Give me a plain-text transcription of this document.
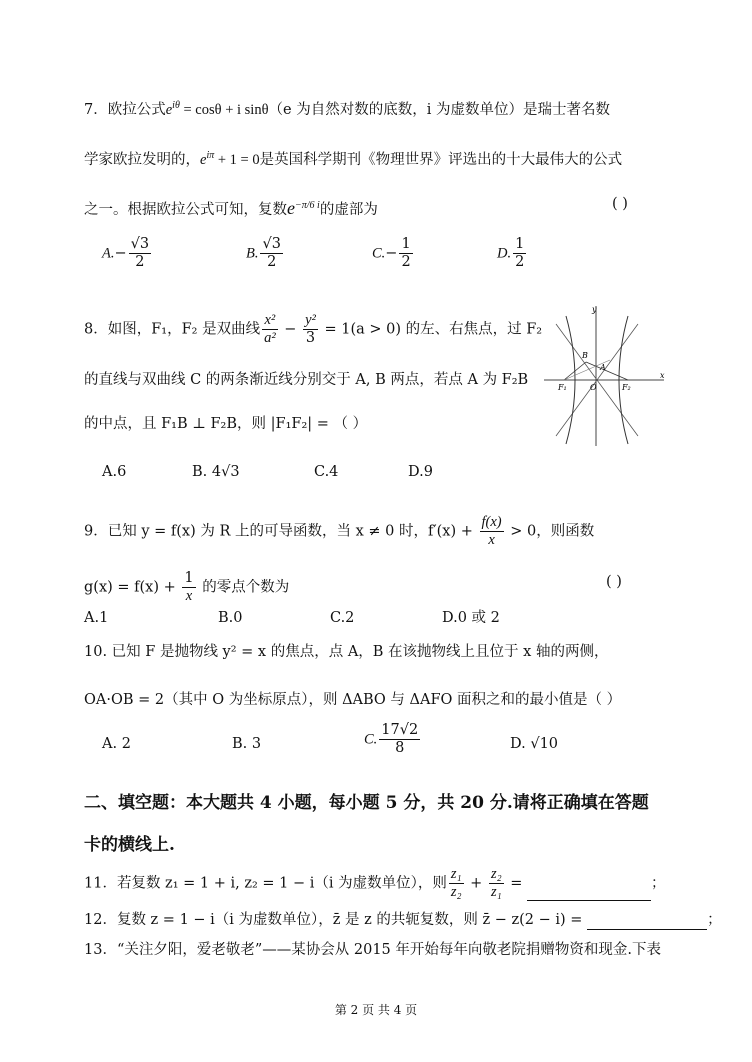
7．欧拉公式$e^{i\theta} = \cos\theta + i$ sinθ（e 为自然对数的底数，i 为虚数单位）是瑞士著名数
学家欧拉发明的，$e^{i\pi} + 1 = 0$是英国科学期刊《物理世界》评选出的十大最伟大的公式
之一。根据欧拉公式可知，复数$e^{-\pi/6 i}$的虚部为	( )
$A.- \frac{√3}{2}$	B. $\frac{√3}{2}$	$C.- \frac{1}{2}$	D. $\frac{1}{2}$
8．如图，F₁，F₂ 是双曲线 $\frac{\text{x²}}{\text{a²}} - \frac{\text{y²}}{3} = 1(a > 0)$ 的左、右焦点，过 F₂
的直线与双曲线 C 的两条渐近线分别交于 A, B 两点，若点 A 为 F₂B
的中点，且 F₁B ⊥ F₂B，则 |F₁F₂| = （ ）
A.6	B. 4√3	C.4	D.9
y
x
B
A
O
F₁	F₂
9．已知 y = f(x) 为 R 上的可导函数，当 x ≠ 0 时，$f'(x) + \frac{f(x)}{x} > 0$，则函数
$g(x) = f(x) + \frac{1}{x}$ 的零点个数为	( )
A.1	B.0	C.2	D.0 或 2
10. 已知 F 是抛物线 y² = x 的焦点，点 A，B 在该抛物线上且位于 x 轴的两侧，
OA·OB = 2（其中 O 为坐标原点），则 ΔABO 与 ΔAFO 面积之和的最小值是（ ）
A. 2	B. 3	C. $\frac{17√2}{8}$	D. √10
二、填空题：本大题共 4 小题，每小题 5 分，共 20 分.请将正确填在答题
卡的横线上.
11．若复数 z₁ = 1 + i, z₂ = 1 − i（i 为虚数单位），则 $\frac{\text{z₁}}{\text{z₂}} + \frac{\text{z₂}}{\text{z₁}}$ =	；
12．复数 z = 1 − i（i 为虚数单位），z̄ 是 z 的共轭复数，则 z̄ − z(2 − i) =	；
13．“关注夕阳，爱老敬老”——某协会从 2015 年开始每年向敬老院捐赠物资和现金.下表
第 2 页 共 4 页
